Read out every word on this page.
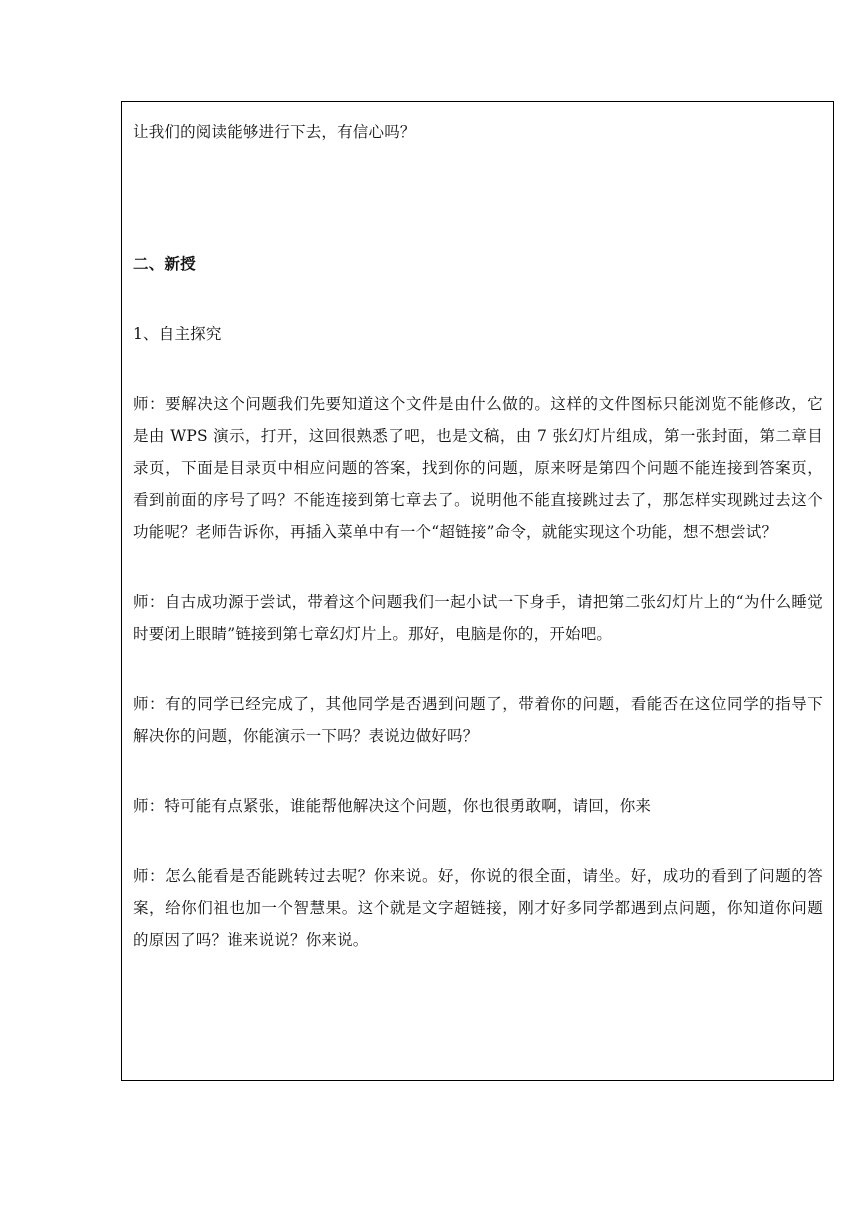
让我们的阅读能够进行下去，有信心吗？

二、新授

1、自主探究

师：要解决这个问题我们先要知道这个文件是由什么做的。这样的文件图标只能浏览不能修改，它是由 WPS 演示，打开，这回很熟悉了吧，也是文稿，由 7 张幻灯片组成，第一张封面，第二章目录页，下面是目录页中相应问题的答案，找到你的问题，原来呀是第四个问题不能连接到答案页，看到前面的序号了吗？不能连接到第七章去了。说明他不能直接跳过去了，那怎样实现跳过去这个功能呢？老师告诉你，再插入菜单中有一个“超链接”命令，就能实现这个功能，想不想尝试？

师：自古成功源于尝试，带着这个问题我们一起小试一下身手，请把第二张幻灯片上的“为什么睡觉时要闭上眼睛”链接到第七章幻灯片上。那好，电脑是你的，开始吧。

师：有的同学已经完成了，其他同学是否遇到问题了，带着你的问题，看能否在这位同学的指导下解决你的问题，你能演示一下吗？表说边做好吗？

师：特可能有点紧张，谁能帮他解决这个问题，你也很勇敢啊，请回，你来

师：怎么能看是否能跳转过去呢？你来说。好，你说的很全面，请坐。好，成功的看到了问题的答案，给你们祖也加一个智慧果。这个就是文字超链接，刚才好多同学都遇到点问题，你知道你问题的原因了吗？谁来说说？你来说。
